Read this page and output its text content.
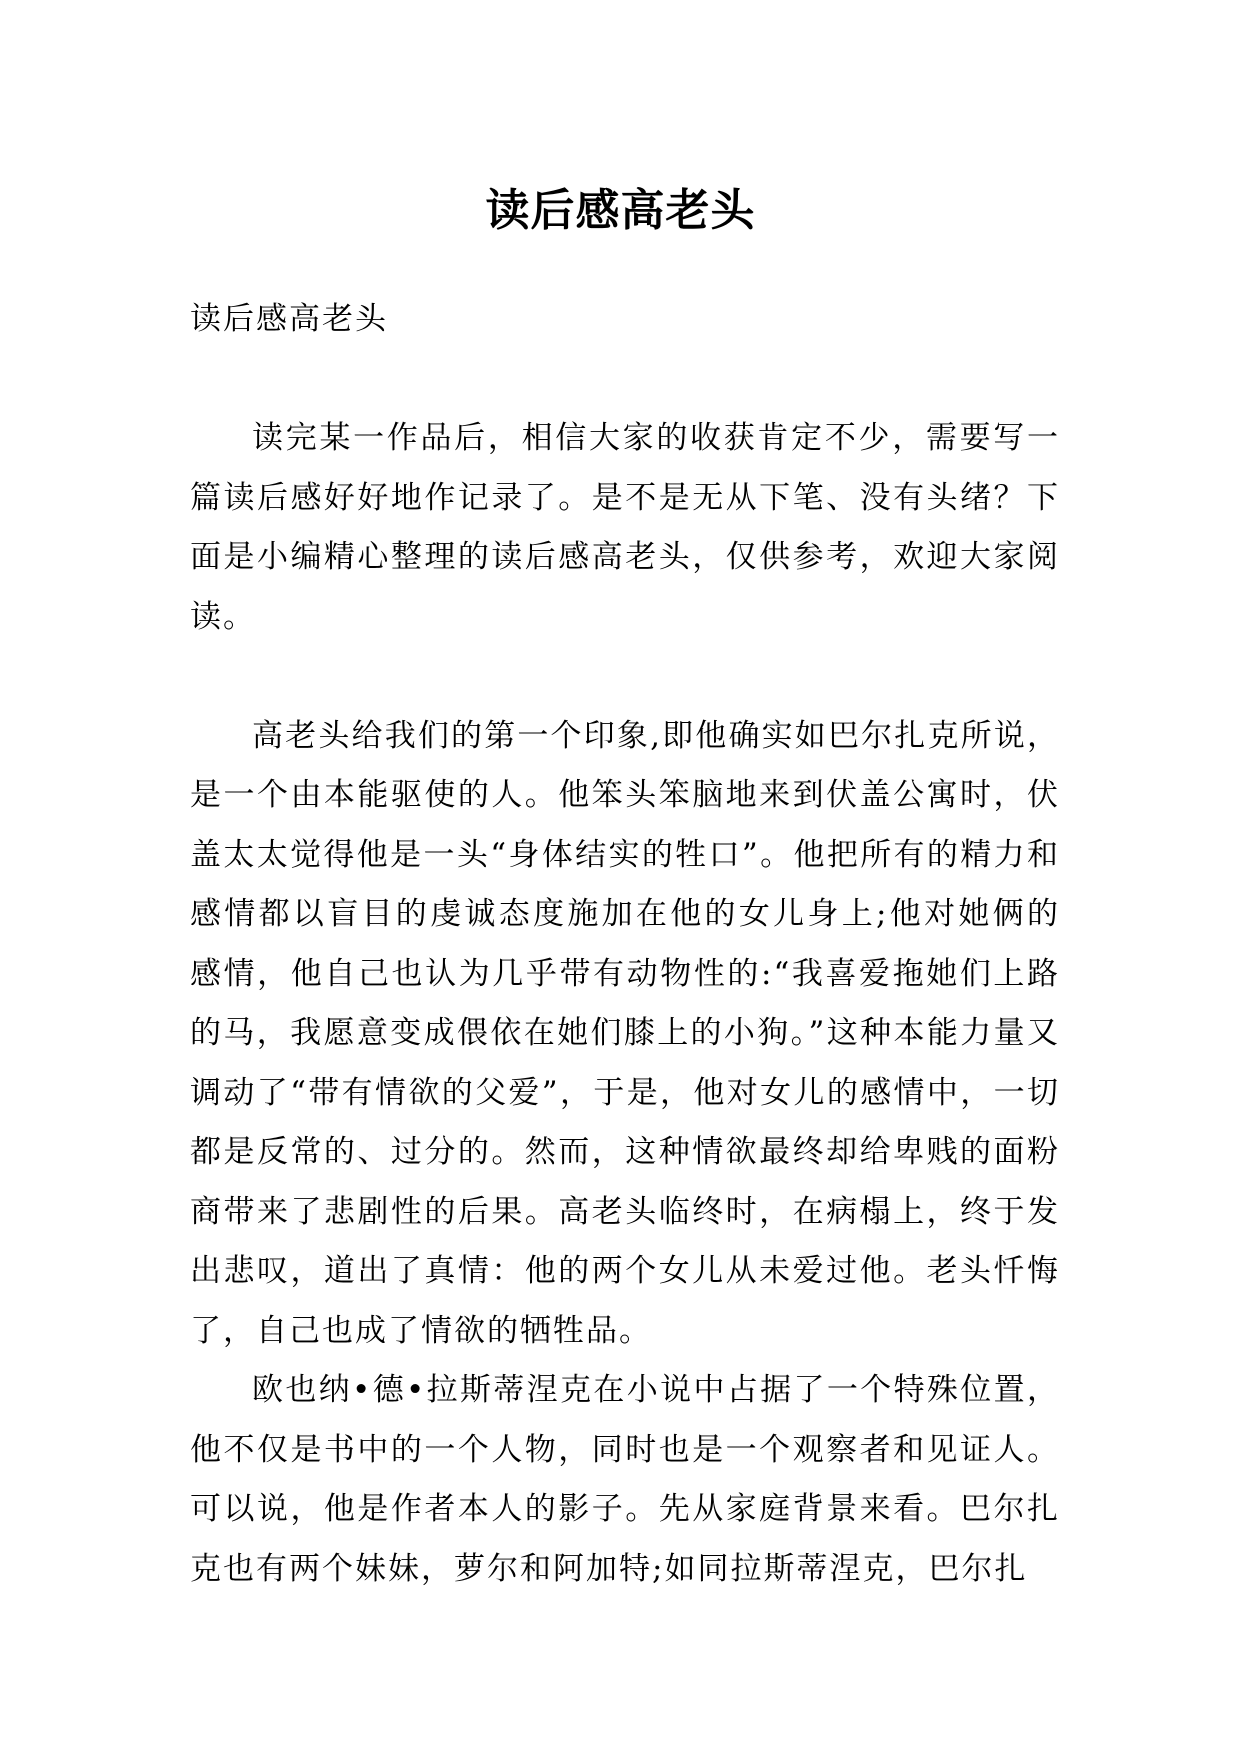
读后感高老头

读后感高老头

读完某一作品后，相信大家的收获肯定不少，需要写一篇读后感好好地作记录了。是不是无从下笔、没有头绪？下面是小编精心整理的读后感高老头，仅供参考，欢迎大家阅读。

高老头给我们的第一个印象,即他确实如巴尔扎克所说，是一个由本能驱使的人。他笨头笨脑地来到伏盖公寓时，伏盖太太觉得他是一头“身体结实的牲口”。他把所有的精力和感情都以盲目的虔诚态度施加在他的女儿身上;他对她俩的感情，他自己也认为几乎带有动物性的:“我喜爱拖她们上路的马，我愿意变成偎依在她们膝上的小狗。”这种本能力量又调动了“带有情欲的父爱”，于是，他对女儿的感情中，一切都是反常的、过分的。然而，这种情欲最终却给卑贱的面粉商带来了悲剧性的后果。高老头临终时，在病榻上，终于发出悲叹，道出了真情：他的两个女儿从未爱过他。老头忏悔了，自己也成了情欲的牺牲品。

欧也纳•德•拉斯蒂涅克在小说中占据了一个特殊位置，他不仅是书中的一个人物，同时也是一个观察者和见证人。可以说，他是作者本人的影子。先从家庭背景来看。巴尔扎克也有两个妹妹，萝尔和阿加特;如同拉斯蒂涅克，巴尔扎
